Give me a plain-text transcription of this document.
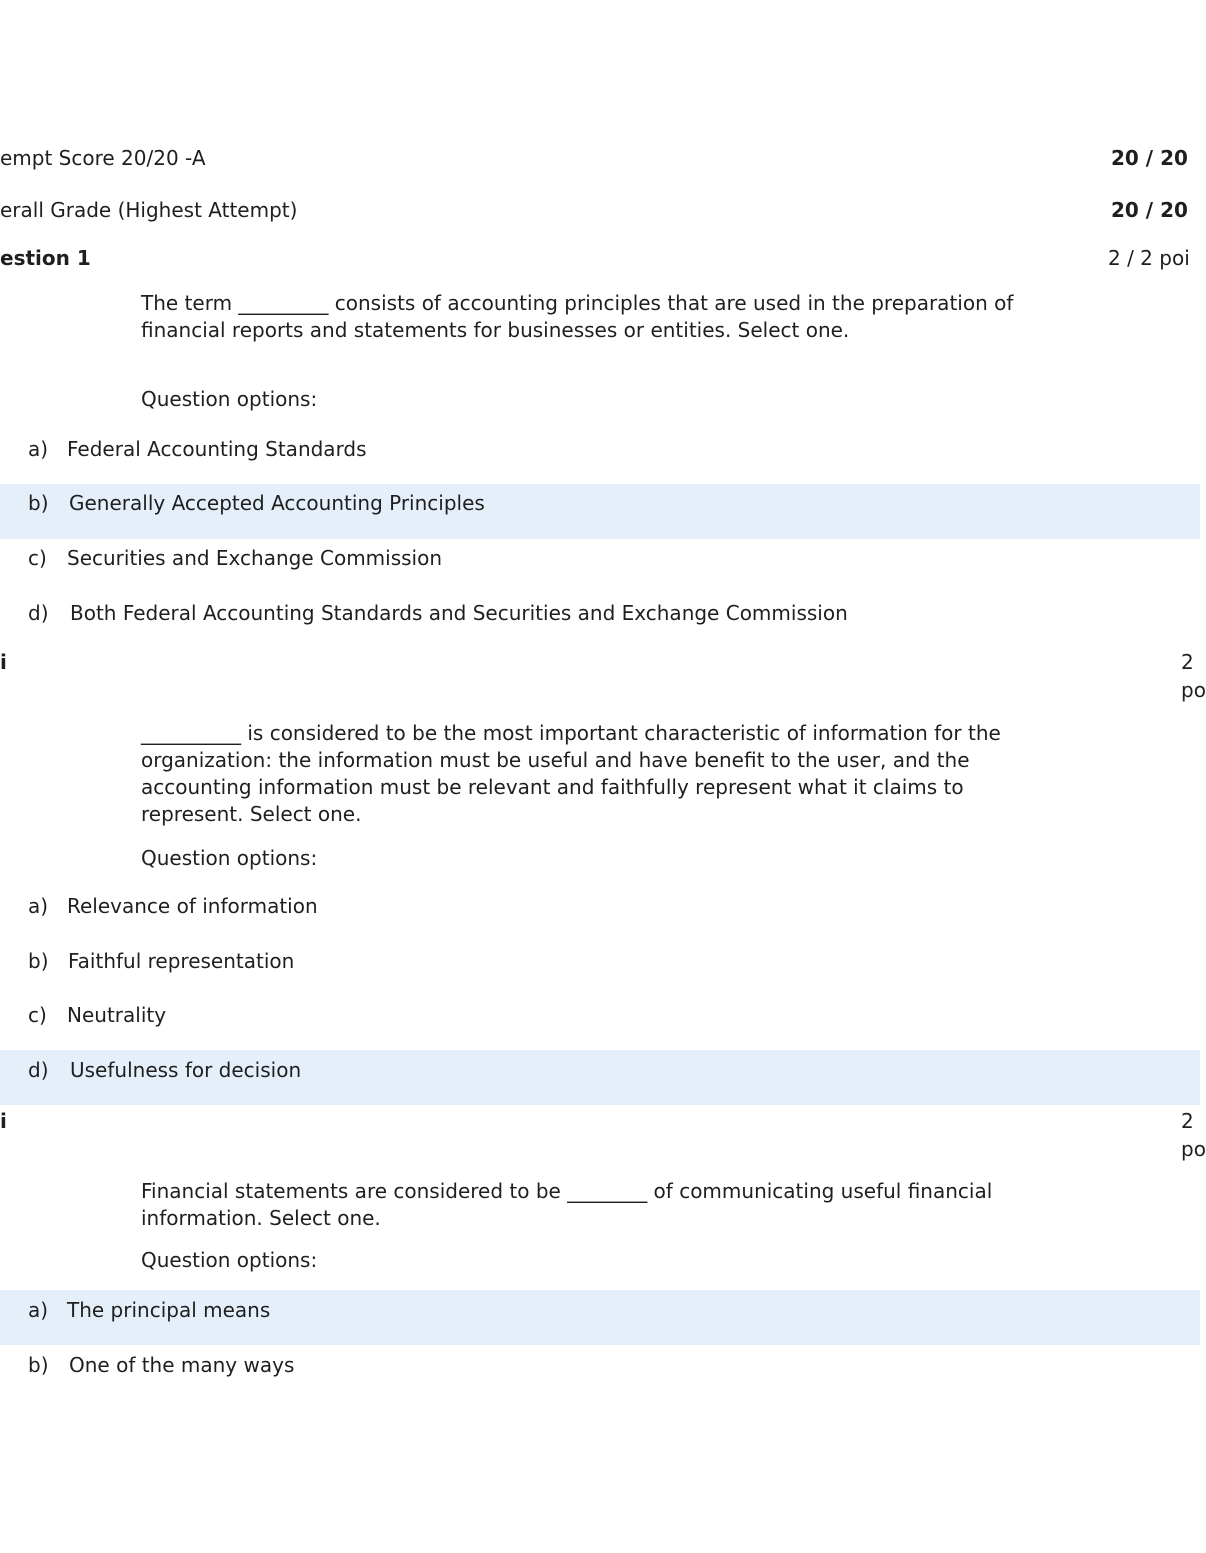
empt Score 20/20 -A	20 / 20
erall Grade (Highest Attempt)	20 / 20
estion 1	2 / 2 poi
The term _________ consists of accounting principles that are used in the preparation of financial reports and statements for businesses or entities. Select one.
Question options:
a) Federal Accounting Standards
b) Generally Accepted Accounting Principles
c) Securities and Exchange Commission
d) Both Federal Accounting Standards and Securities and Exchange Commission
i	2
po
__________ is considered to be the most important characteristic of information for the organization: the information must be useful and have benefit to the user, and the accounting information must be relevant and faithfully represent what it claims to represent. Select one.
Question options:
a) Relevance of information
b) Faithful representation
c) Neutrality
d) Usefulness for decision
i	2
po
Financial statements are considered to be ________ of communicating useful financial information. Select one.
Question options:
a) The principal means
b) One of the many ways
